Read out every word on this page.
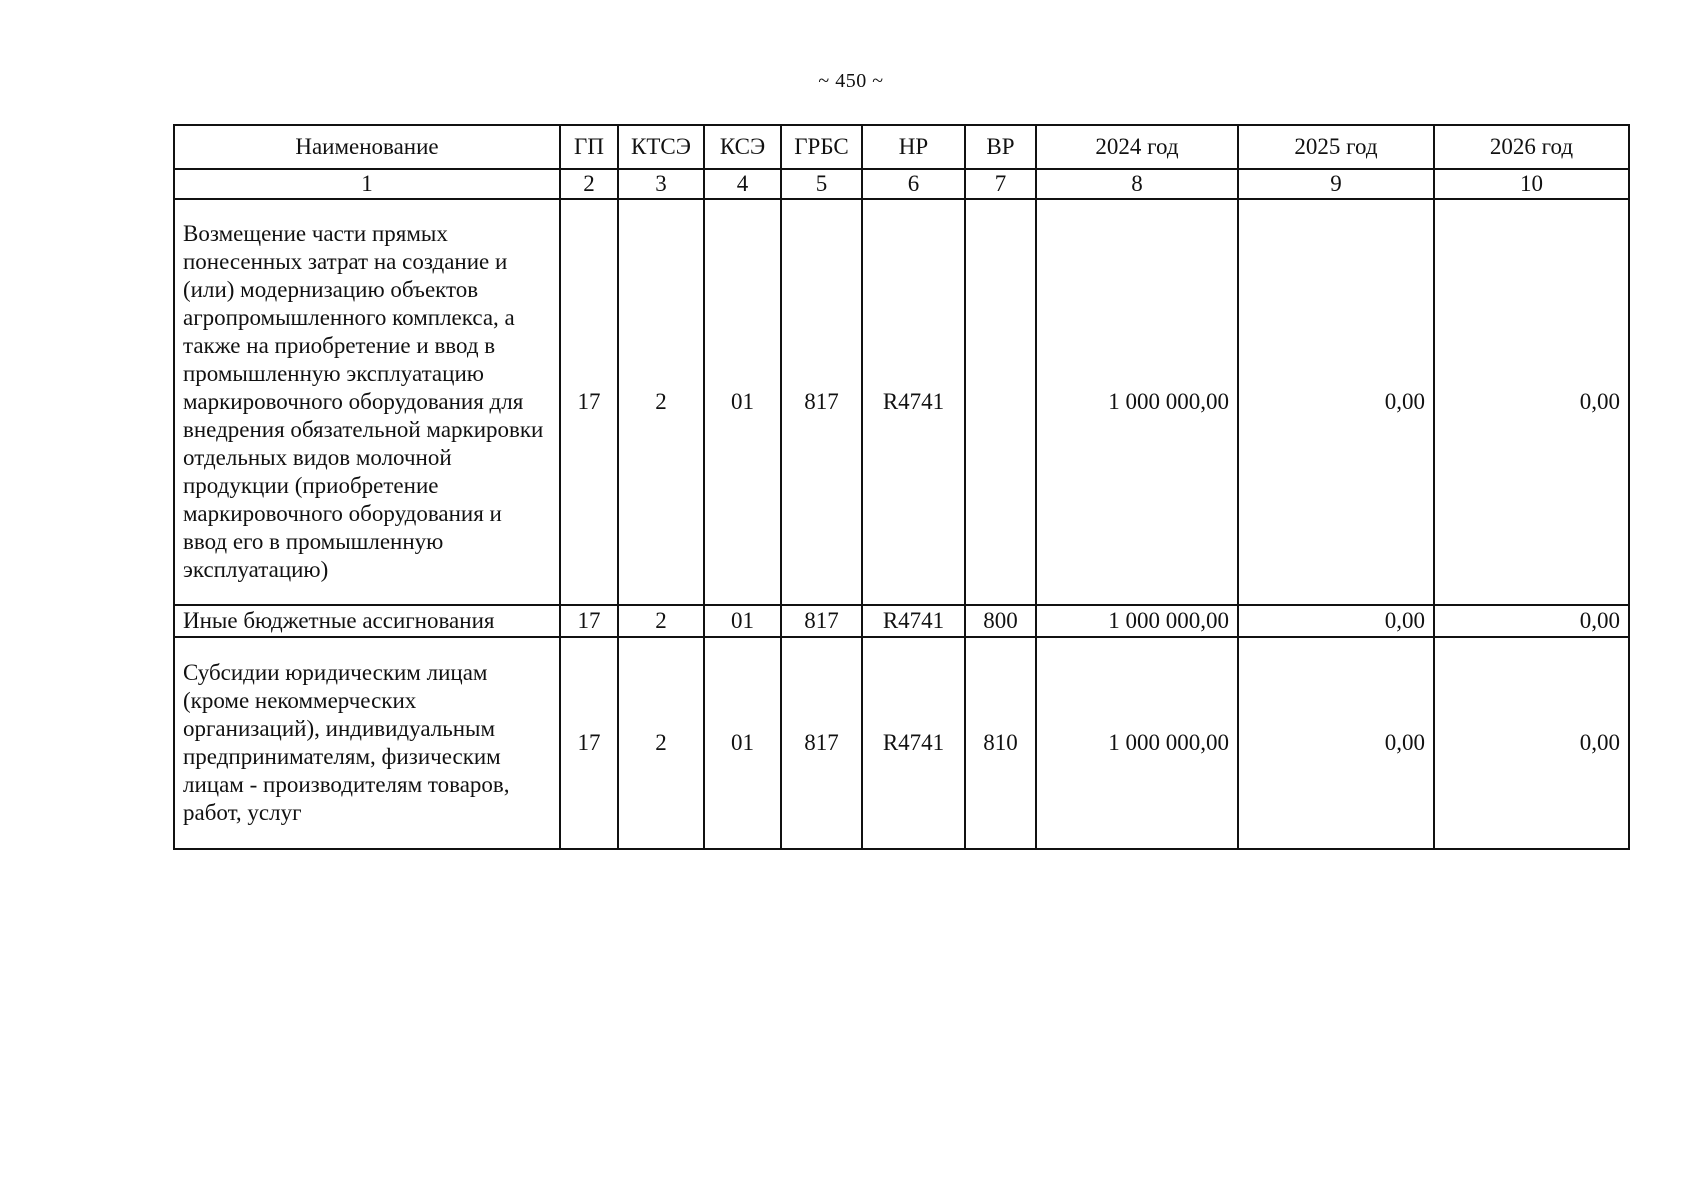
~ 450 ~
Наименование	ГП	КТСЭ	КСЭ	ГРБС	НР	ВР	2024 год	2025 год	2026 год
1	2	3	4	5	6	7	8	9	10
Возмещение части прямых понесенных затрат на создание и (или) модернизацию объектов агропромышленного комплекса, а также на приобретение и ввод в промышленную эксплуатацию маркировочного оборудования для внедрения обязательной маркировки отдельных видов молочной продукции (приобретение маркировочного оборудования и ввод его в промышленную эксплуатацию)	17	2	01	817	R4741		1 000 000,00	0,00	0,00
Иные бюджетные ассигнования	17	2	01	817	R4741	800	1 000 000,00	0,00	0,00
Субсидии юридическим лицам (кроме некоммерческих организаций), индивидуальным предпринимателям, физическим лицам - производителям товаров, работ, услуг	17	2	01	817	R4741	810	1 000 000,00	0,00	0,00
